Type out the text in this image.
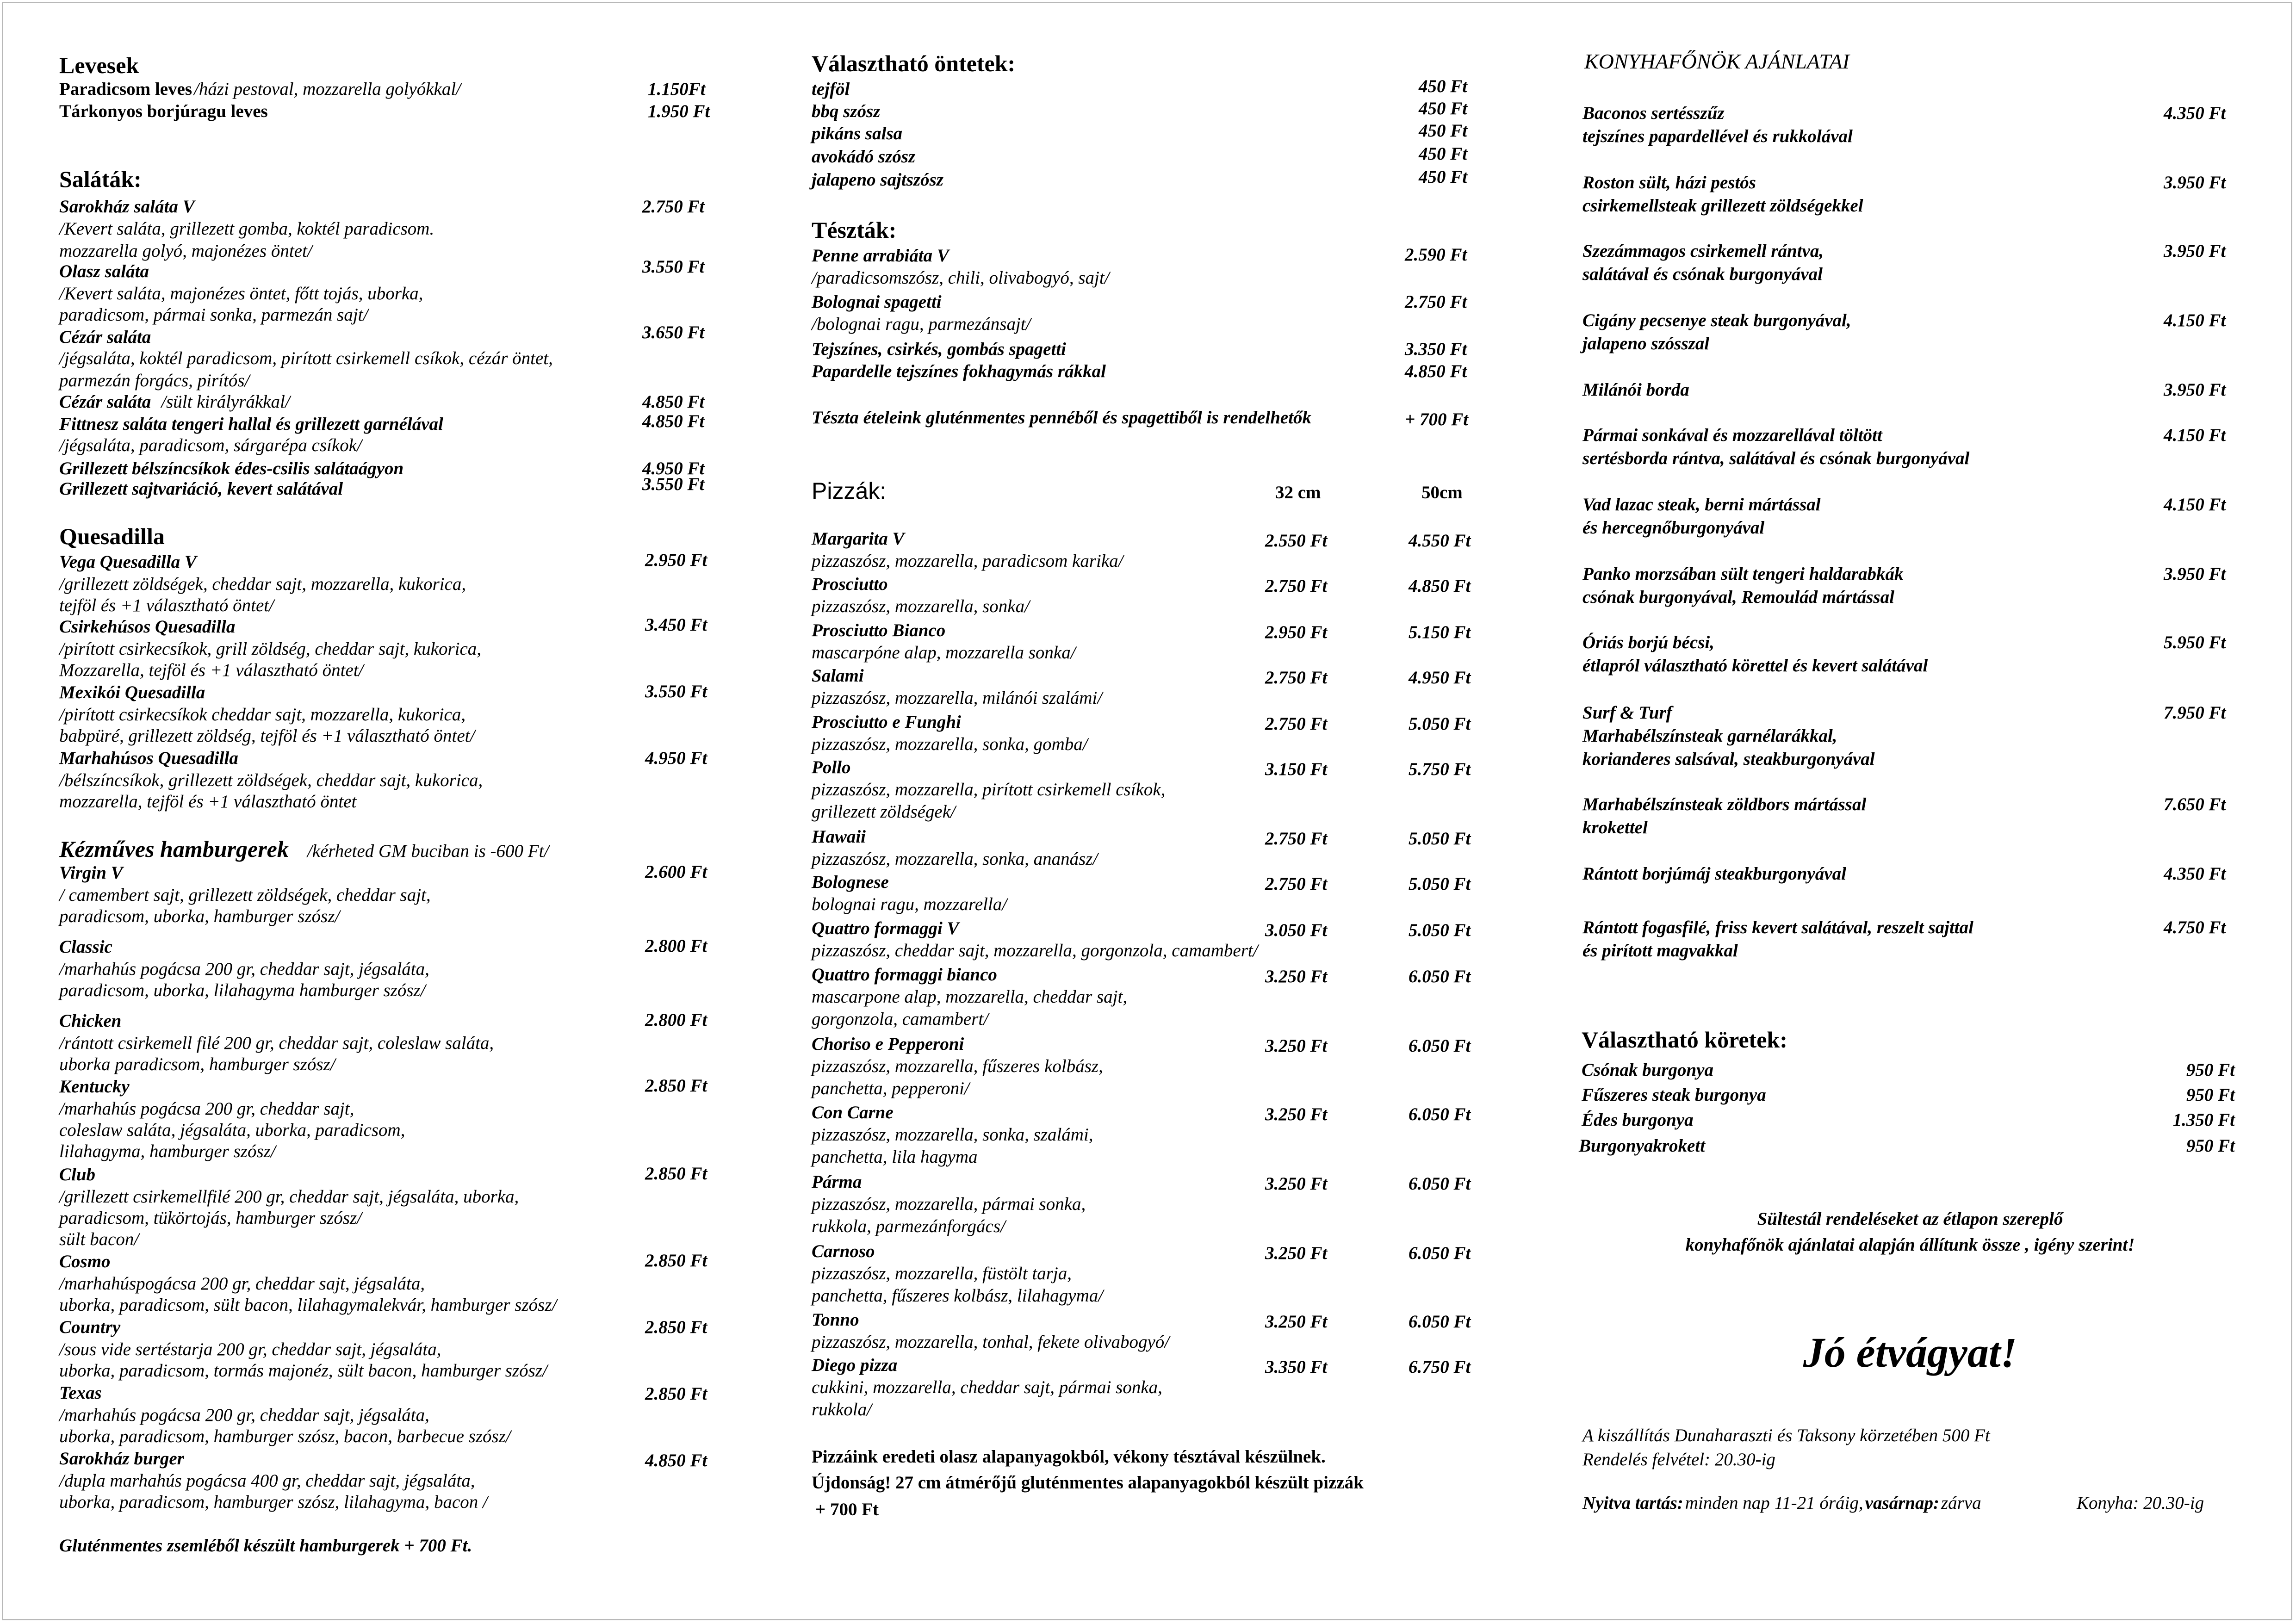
Levesek
Paradicsom leves /házi pestoval, mozzarella golyókkal/	1.150Ft
Tárkonyos borjúragu leves	1.950 Ft
Saláták:
Sarokház saláta V	2.750 Ft
/Kevert saláta, grillezett gomba, koktél paradicsom.
mozzarella golyó, majonézes öntet/
Olasz saláta	3.550 Ft
/Kevert saláta, majonézes öntet, főtt tojás, uborka,
paradicsom, pármai sonka, parmezán sajt/
Cézár saláta	3.650 Ft
/jégsaláta, koktél paradicsom, pirított csirkemell csíkok, cézár öntet,
parmezán forgács, pirítós/
Cézár saláta /sült királyrákkal/	4.850 Ft
Fittnesz saláta tengeri hallal és grillezett garnélával	4.850 Ft
/jégsaláta, paradicsom, sárgarépa csíkok/
Grillezett bélszíncsíkok édes-csilis salátaágyon	4.950 Ft
Grillezett sajtvariáció, kevert salátával	3.550 Ft
Quesadilla
Vega Quesadilla V	2.950 Ft
/grillezett zöldségek, cheddar sajt, mozzarella, kukorica,
tejföl és +1 választható öntet/
Csirkehúsos Quesadilla	3.450 Ft
/pirított csirkecsíkok, grill zöldség, cheddar sajt, kukorica,
Mozzarella, tejföl és +1 választható öntet/
Mexikói Quesadilla	3.550 Ft
/pirított csirkecsíkok cheddar sajt, mozzarella, kukorica,
babpüré, grillezett zöldség, tejföl és +1 választható öntet/
Marhahúsos Quesadilla	4.950 Ft
/bélszíncsíkok, grillezett zöldségek, cheddar sajt, kukorica,
mozzarella, tejföl és +1 választható öntet
Kézműves hamburgerek /kérheted GM buciban is -600 Ft/
Virgin V	2.600 Ft
/ camembert sajt, grillezett zöldségek, cheddar sajt,
paradicsom, uborka, hamburger szósz/
Classic	2.800 Ft
/marhahús pogácsa 200 gr, cheddar sajt, jégsaláta,
paradicsom, uborka, lilahagyma hamburger szósz/
Chicken	2.800 Ft
/rántott csirkemell filé 200 gr, cheddar sajt, coleslaw saláta,
uborka paradicsom, hamburger szósz/
Kentucky	2.850 Ft
/marhahús pogácsa 200 gr, cheddar sajt,
coleslaw saláta, jégsaláta, uborka, paradicsom,
lilahagyma, hamburger szósz/
Club	2.850 Ft
/grillezett csirkemellfilé 200 gr, cheddar sajt, jégsaláta, uborka,
paradicsom, tükörtojás, hamburger szósz/
sült bacon/
Cosmo	2.850 Ft
/marhahúspogácsa 200 gr, cheddar sajt, jégsaláta,
uborka, paradicsom, sült bacon, lilahagymalekvár, hamburger szósz/
Country	2.850 Ft
/sous vide sertéstarja 200 gr, cheddar sajt, jégsaláta,
uborka, paradicsom, tormás majonéz, sült bacon, hamburger szósz/
Texas	2.850 Ft
/marhahús pogácsa 200 gr, cheddar sajt, jégsaláta,
uborka, paradicsom, hamburger szósz, bacon, barbecue szósz/
Sarokház burger	4.850 Ft
/dupla marhahús pogácsa 400 gr, cheddar sajt, jégsaláta,
uborka, paradicsom, hamburger szósz, lilahagyma, bacon /
Gluténmentes zsemléből készült hamburgerek + 700 Ft.
Választható öntetek:
tejföl	450 Ft
bbq szósz	450 Ft
pikáns salsa	450 Ft
avokádó szósz	450 Ft
jalapeno sajtszósz	450 Ft
Tészták:
Penne arrabiáta V	2.590 Ft
/paradicsomszósz, chili, olivabogyó, sajt/
Bolognai spagetti	2.750 Ft
/bolognai ragu, parmezánsajt/
Tejszínes, csirkés, gombás spagetti	3.350 Ft
Papardelle tejszínes fokhagymás rákkal	4.850 Ft
Tészta ételeink gluténmentes pennéből és spagettiből is rendelhetők	+ 700 Ft
Pizzák:	32 cm	50cm
Margarita V	2.550 Ft	4.550 Ft
pizzaszósz, mozzarella, paradicsom karika/
Prosciutto	2.750 Ft	4.850 Ft
pizzaszósz, mozzarella, sonka/
Prosciutto Bianco	2.950 Ft	5.150 Ft
mascarpóne alap, mozzarella sonka/
Salami	2.750 Ft	4.950 Ft
pizzaszósz, mozzarella, milánói szalámi/
Prosciutto e Funghi	2.750 Ft	5.050 Ft
pizzaszósz, mozzarella, sonka, gomba/
Pollo	3.150 Ft	5.750 Ft
pizzaszósz, mozzarella, pirított csirkemell csíkok,
grillezett zöldségek/
Hawaii	2.750 Ft	5.050 Ft
pizzaszósz, mozzarella, sonka, ananász/
Bolognese	2.750 Ft	5.050 Ft
bolognai ragu, mozzarella/
Quattro formaggi V	3.050 Ft	5.050 Ft
pizzaszósz, cheddar sajt, mozzarella, gorgonzola, camambert/
Quattro formaggi bianco	3.250 Ft	6.050 Ft
mascarpone alap, mozzarella, cheddar sajt,
gorgonzola, camambert/
Choriso e Pepperoni	3.250 Ft	6.050 Ft
pizzaszósz, mozzarella, fűszeres kolbász,
panchetta, pepperoni/
Con Carne	3.250 Ft	6.050 Ft
pizzaszósz, mozzarella, sonka, szalámi,
panchetta, lila hagyma
Párma	3.250 Ft	6.050 Ft
pizzaszósz, mozzarella, pármai sonka,
rukkola, parmezánforgács/
Carnoso	3.250 Ft	6.050 Ft
pizzaszósz, mozzarella, füstölt tarja,
panchetta, fűszeres kolbász, lilahagyma/
Tonno	3.250 Ft	6.050 Ft
pizzaszósz, mozzarella, tonhal, fekete olivabogyó/
Diego pizza	3.350 Ft	6.750 Ft
cukkini, mozzarella, cheddar sajt, pármai sonka,
rukkola/
Pizzáink eredeti olasz alapanyagokból, vékony tésztával készülnek.
Újdonság! 27 cm átmérőjű gluténmentes alapanyagokból készült pizzák
+ 700 Ft
KONYHAFŐNÖK AJÁNLATAI
Baconos sertésszűz
tejszínes papardellével és rukkolával
4.350 Ft
Roston sült, házi pestós
csirkemellsteak grillezett zöldségekkel
3.950 Ft
Szezámmagos csirkemell rántva,
salátával és csónak burgonyával
3.950 Ft
Cigány pecsenye steak burgonyával,
jalapeno szósszal
4.150 Ft
Milánói borda	3.950 Ft
Pármai sonkával és mozzarellával töltött
sertésborda rántva, salátával és csónak burgonyával
4.150 Ft
Vad lazac steak, berni mártással
és hercegnőburgonyával
4.150 Ft
Panko morzsában sült tengeri haldarabkák
csónak burgonyával, Remoulád mártással
3.950 Ft
Óriás borjú bécsi,
étlapról választható körettel és kevert salátával
5.950 Ft
Surf & Turf
Marhabélszínsteak garnélarákkal,
korianderes salsával, steakburgonyával
7.950 Ft
Marhabélszínsteak zöldbors mártással
krokettel
7.650 Ft
Rántott borjúmáj steakburgonyával	4.350 Ft
Rántott fogasfilé, friss kevert salátával, reszelt sajttal
és pirított magvakkal
4.750 Ft
Választható köretek:
Csónak burgonya	950 Ft
Fűszeres steak burgonya	950 Ft
Édes burgonya	1.350 Ft
Burgonyakrokett	950 Ft
Sültestál rendeléseket az étlapon szereplő
konyhafőnök ajánlatai alapján állítunk össze , igény szerint!
Jó étvágyat!
A kiszállítás Dunaharaszti és Taksony körzetében 500 Ft
Rendelés felvétel: 20.30-ig
Nyitva tartás: minden nap 11-21 óráig, vasárnap: zárva	Konyha: 20.30-ig
